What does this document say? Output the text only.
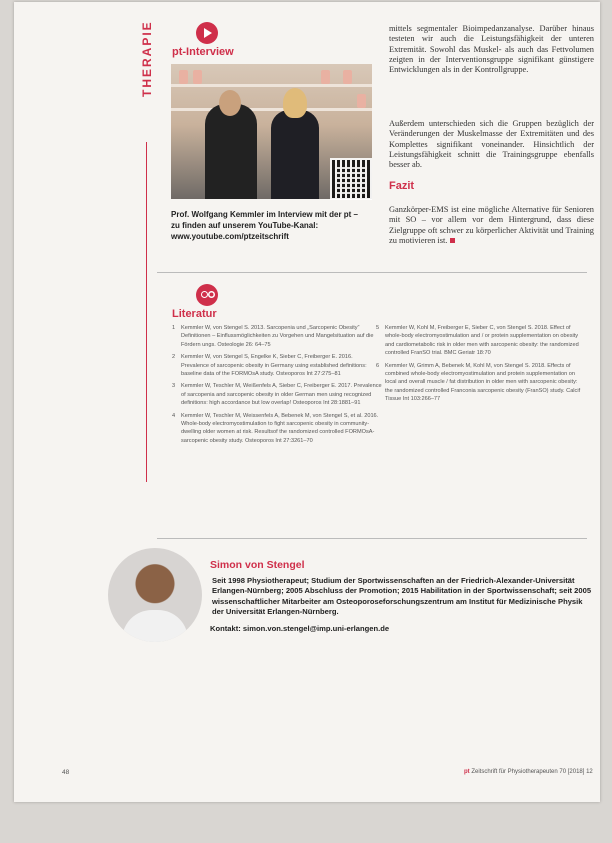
THERAPIE	pt-Interview
Prof. Wolfgang Kemmler im Interview mit der pt –
zu finden auf unserem YouTube-Kanal:
www.youtube.com/ptzeitschrift
mittels segmentaler Bioimpedanzanalyse. Darüber hinaus testeten wir auch die Leistungsfähigkeit der unteren Extremität. Sowohl das Muskel- als auch das Fettvolumen zeigten in der Interventionsgruppe signifikant günstigere Entwicklungen als in der Kontrollgruppe.
Außerdem unterschieden sich die Gruppen bezüglich der Veränderungen der Muskelmasse der Extremitäten und des Komplettes signifikant voneinander. Hinsichtlich der Leistungsfähigkeit schnitt die Trainingsgruppe ebenfalls besser ab.
Fazit
Ganzkörper-EMS ist eine mögliche Alternative für Senioren mit SO – vor allem vor dem Hintergrund, dass diese Zielgruppe oft schwer zu körperlicher Aktivität und Training zu motivieren ist.
Literatur
1	Kemmler W, von Stengel S. 2013. Sarcopenia und „Sarcopenic Obesity“ Definitionen – Einflussmöglichkeiten zu Vorgehen und Mangelsituation auf die Fördern ungs. Osteologie 26: 64–75
2	Kemmler W, von Stengel S, Engelke K, Sieber C, Freiberger E. 2016. Prevalence of sarcopenic obesity in Germany using established definitions: baseline data of the FORMOsA study. Osteoporos Int 27:275–81
3	Kemmler W, Teschler M, Weißenfels A, Sieber C, Freiberger E. 2017. Prevalence of sarcopenia and sarcopenic obesity in older German men using recognized definitions: high accordance but low overlap! Osteoporos Int 28:1881–91
4	Kemmler W, Teschler M, Weissenfels A, Bebenek M, von Stengel S, et al. 2016. Whole-body electromyostimulation to fight sarcopenic obesity in community-dwelling older women at risk. Resultsof the randomized controlled FORMOsA-sarcopenic obesity study. Osteoporos Int 27:3261–70
5	Kemmler W, Kohl M, Freiberger E, Sieber C, von Stengel S. 2018. Effect of whole-body electromyostimulation and / or protein supplementation on obesity and cardiometabolic risk in older men with sarcopenic obesity: the randomized controlled FranSO trial. BMC Geriatr 18:70
6	Kemmler W, Grimm A, Bebenek M, Kohl M, von Stengel S. 2018. Effects of combined whole-body electromyostimulation and protein supplementation on local and overall muscle / fat distribution in older men with sarcopenic obesity: the randomized controlled Franconia sarcopenic obesity (FranSO) study. Calcif Tissue Int 103:266–77
Simon von Stengel
Seit 1998 Physiotherapeut; Studium der Sportwissenschaften an der Friedrich-Alexander-Universität Erlangen-Nürnberg; 2005 Abschluss der Promotion; 2015 Habilitation in der Sportwissenschaft; seit 2005 wissenschaftlicher Mitarbeiter am Osteoporoseforschungszentrum am Institut für Medizinische Physik der Universität Erlangen-Nürnberg.
Kontakt: simon.von.stengel@imp.uni-erlangen.de
48	pt Zeitschrift für Physiotherapeuten 70 [2018] 12
